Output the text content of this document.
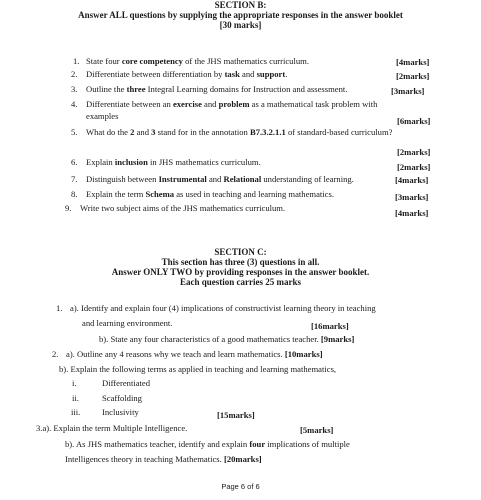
SECTION B:
Answer ALL questions by supplying the appropriate responses in the answer booklet
[30 marks]
1. State four core competency of the JHS mathematics curriculum.	[4marks]
2. Differentiate between differentiation by task and support.	[2marks]
3. Outline the three Integral Learning domains for Instruction and assessment.	[3marks]
4. Differentiate between an exercise and problem as a mathematical task problem with
examples	[6marks]
5. What do the 2 and 3 stand for in the annotation B7.3.2.1.1 of standard-based curriculum?
[2marks]
6. Explain inclusion in JHS mathematics curriculum.	[2marks]
7. Distinguish between Instrumental and Relational understanding of learning.	[4marks]
8. Explain the term Schema as used in teaching and learning mathematics.	[3marks]
9. Write two subject aims of the JHS mathematics curriculum.	[4marks]
SECTION C:
This section has three (3) questions in all.
Answer ONLY TWO by providing responses in the answer booklet.
Each question carries 25 marks
1. a). Identify and explain four (4) implications of constructivist learning theory in teaching
and learning environment.	[16marks]
b). State any four characteristics of a good mathematics teacher. [9marks]
2. a). Outline any 4 reasons why we teach and learn mathematics. [10marks]
b). Explain the following terms as applied in teaching and learning mathematics,
i.	Differentiated
ii.	Scaffolding
iii.	Inclusivity	[15marks]
3.a). Explain the term Multiple Intelligence.	[5marks]
b). As JHS mathematics teacher, identify and explain four implications of multiple
Intelligences theory in teaching Mathematics. [20marks]
Page 6 of 6
